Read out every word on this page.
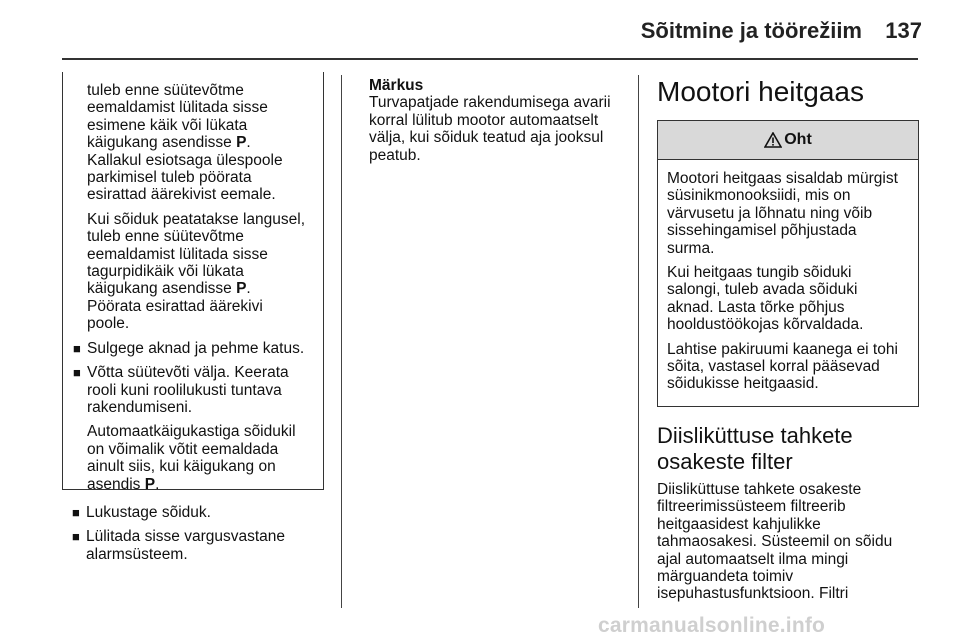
Sõitmine ja töörežiim	137

tuleb enne süütevõtme
eemaldamist lülitada sisse
esimene käik või lükata
käigukang asendisse P.
Kallakul esiotsaga ülespoole
parkimisel tuleb pöörata
esirattad äärekivist eemale.

Kui sõiduk peatatakse langusel,
tuleb enne süütevõtme
eemaldamist lülitada sisse
tagurpidikäik või lükata
käigukang asendisse P.
Pöörata esirattad äärekivi
poole.

■ Sulgege aknad ja pehme katus.
■ Võtta süütevõti välja. Keerata
rooli kuni roolilukusti tuntava
rakendumiseni.

Automaatkäigukastiga sõidukil
on võimalik võtit eemaldada
ainult siis, kui käigukang on
asendis P.

■ Lukustage sõiduk.
■ Lülitada sisse vargusvastane
alarmsüsteem.
Märkus
Turvapatjade rakendumisega avarii
korral lülitub mootor automaatselt
välja, kui sõiduk teatud aja jooksul
peatub.
Mootori heitgaas
Oht

Mootori heitgaas sisaldab mürgist
süsinikmonooksiidi, mis on
värvusetu ja lõhnatu ning võib
sissehingamisel põhjustada
surma.

Kui heitgaas tungib sõiduki
salongi, tuleb avada sõiduki
aknad. Lasta tõrke põhjus
hooldustöökojas kõrvaldada.

Lahtise pakiruumi kaanega ei tohi
sõita, vastasel korral pääsevad
sõidukisse heitgaasid.

Diisliküttuse tahkete
osakeste filter
Diisliküttuse tahkete osakeste
filtreerimissüsteem filtreerib
heitgaasidest kahjulikke
tahmaosakesi. Süsteemil on sõidu
ajal automaatselt ilma mingi
märguandeta toimiv
isepuhastusfunktsioon. Filtri
carmanualsonline.info
